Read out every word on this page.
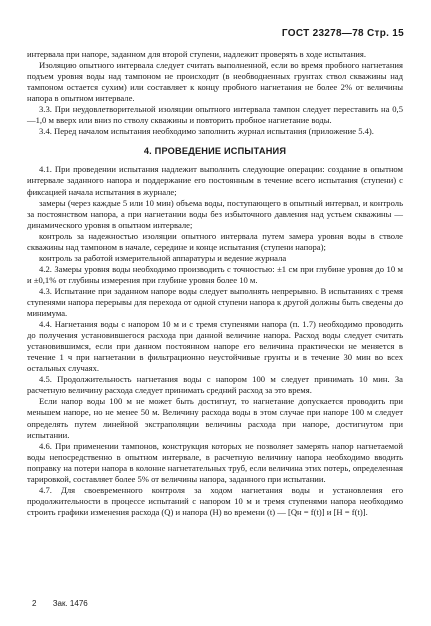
ГОСТ 23278—78 Стр. 15

интервала при напоре, заданном для второй ступени, надлежит проверять в ходе испытания.

Изоляцию опытного интервала следует считать выполненной, если во время пробного нагнетания подъем уровня воды над тампоном не происходит (в необводненных грунтах ствол скважины над тампоном остается сухим) или составляет к концу пробного нагнетания не более 2% от величины напора в опытном интервале.

3.3. При неудовлетворительной изоляции опытного интервала тампон следует переставить на 0,5—1,0 м вверх или вниз по стволу скважины и повторить пробное нагнетание воды.

3.4. Перед началом испытания необходимо заполнить журнал испытания (приложение 5.4).

4. ПРОВЕДЕНИЕ ИСПЫТАНИЯ

4.1. При проведении испытания надлежит выполнить следующие операции: создание в опытном интервале заданного напора и поддержание его постоянным в течение всего испытания (ступени) с фиксацией начала испытания в журнале;

замеры (через каждые 5 или 10 мин) объема воды, поступающего в опытный интервал, и контроль за постоянством напора, а при нагнетании воды без избыточного давления над устьем скважины — динамического уровня в опытном интервале;

контроль за надежностью изоляции опытного интервала путем замера уровня воды в стволе скважины над тампоном в начале, середине и конце испытания (ступени напора);

контроль за работой измерительной аппаратуры и ведение журнала

4.2. Замеры уровня воды необходимо производить с точностью: ±1 см при глубине уровня до 10 м и ±0,1% от глубины измерения при глубине уровня более 10 м.

4.3. Испытание при заданном напоре воды следует выполнять непрерывно. В испытаниях с тремя ступенями напора перерывы для перехода от одной ступени напора к другой должны быть сведены до минимума.

4.4. Нагнетания воды с напором 10 м и с тремя ступенями напора (п. 1.7) необходимо проводить до получения установившегося расхода при данной величине напора. Расход воды следует считать установившимся, если при данном постоянном напоре его величина практически не меняется в течение 1 ч при нагнетании в фильтрационно неустойчивые грунты и в течение 30 мин во всех остальных случаях.

4.5. Продолжительность нагнетания воды с напором 100 м следует принимать 10 мин. За расчетную величину расхода следует принимать средний расход за это время.

Если напор воды 100 м не может быть достигнут, то нагнетание допускается проводить при меньшем напоре, но не менее 50 м. Величину расхода воды в этом случае при напоре 100 м следует определять путем линейной экстраполяции величины расхода при напоре, достигнутом при испытании.

4.6. При применении тампонов, конструкция которых не позволяет замерять напор нагнетаемой воды непосредственно в опытном интервале, в расчетную величину напора необходимо вводить поправку на потери напора в колонне нагнетательных труб, если величина этих потерь, определенная тарировкой, составляет более 5% от величины напора, заданного при испытании.

4.7. Для своевременного контроля за ходом нагнетания воды и установления его продолжительности в процессе испытаний с напором 10 м и тремя ступенями напора необходимо строить графики изменения расхода (Q) и напора (H) во времени (t) — [Qн = f(t)] и [H = f(t)].

2 Зак. 1476
